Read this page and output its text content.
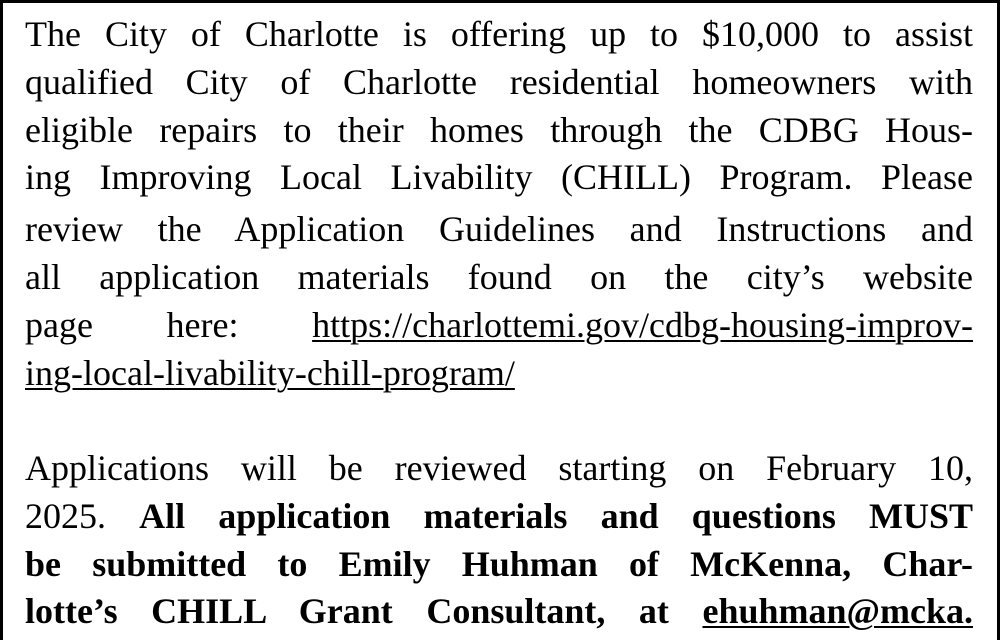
The City of Charlotte is offering up to $10,000 to assist
qualified City of Charlotte residential homeowners with
eligible repairs to their homes through the CDBG Hous-
ing Improving Local Livability (CHILL) Program. Please
review the Application Guidelines and Instructions and
all application materials found on the city’s website
page here: https://charlottemi.gov/cdbg-housing-improv-
ing-local-livability-chill-program/
Applications will be reviewed starting on February 10,
2025. All application materials and questions MUST
be submitted to Emily Huhman of McKenna, Char-
lotte’s CHILL Grant Consultant, at ehuhman@mcka.
